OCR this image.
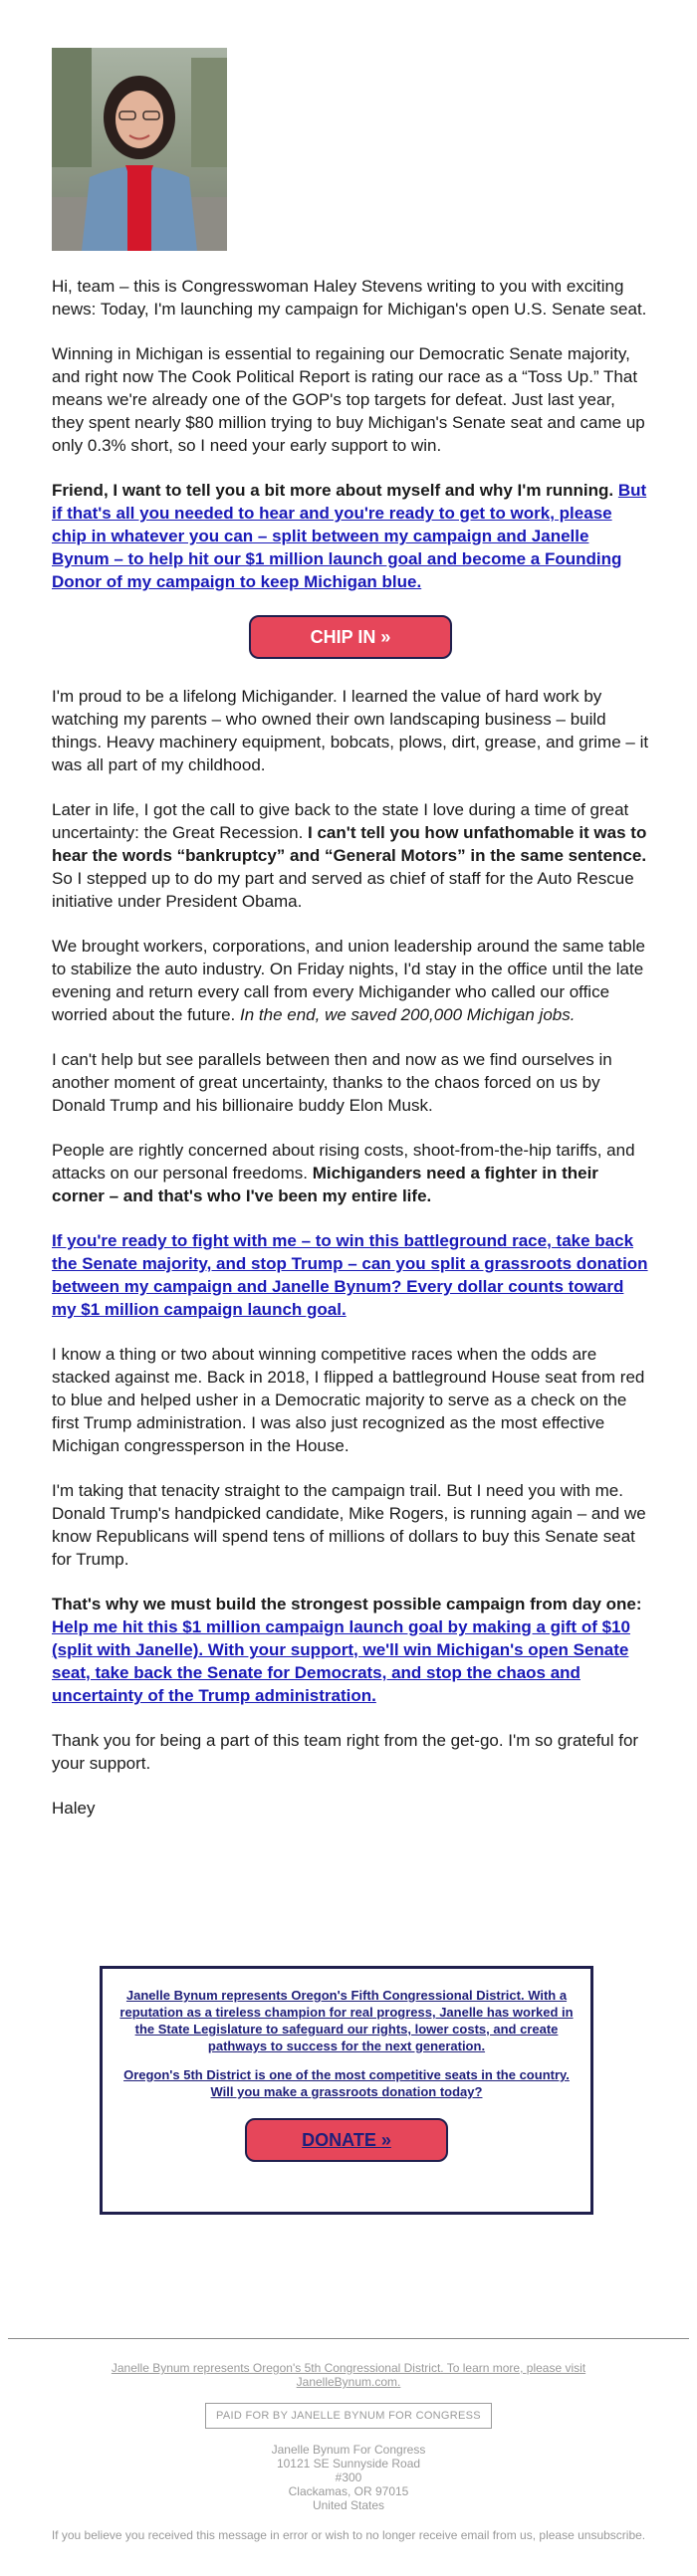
Hi, team – this is Congresswoman Haley Stevens writing to you with exciting news: Today, I'm launching my campaign for Michigan's open U.S. Senate seat.

Winning in Michigan is essential to regaining our Democratic Senate majority, and right now The Cook Political Report is rating our race as a “Toss Up.” That means we're already one of the GOP's top targets for defeat. Just last year, they spent nearly $80 million trying to buy Michigan's Senate seat and came up only 0.3% short, so I need your early support to win.

Friend, I want to tell you a bit more about myself and why I'm running. But if that's all you needed to hear and you're ready to get to work, please chip in whatever you can – split between my campaign and Janelle Bynum – to help hit our $1 million launch goal and become a Founding Donor of my campaign to keep Michigan blue.

CHIP IN »

I'm proud to be a lifelong Michigander. I learned the value of hard work by watching my parents – who owned their own landscaping business – build things. Heavy machinery equipment, bobcats, plows, dirt, grease, and grime – it was all part of my childhood.

Later in life, I got the call to give back to the state I love during a time of great uncertainty: the Great Recession. I can't tell you how unfathomable it was to hear the words “bankruptcy” and “General Motors” in the same sentence. So I stepped up to do my part and served as chief of staff for the Auto Rescue initiative under President Obama.

We brought workers, corporations, and union leadership around the same table to stabilize the auto industry. On Friday nights, I'd stay in the office until the late evening and return every call from every Michigander who called our office worried about the future. In the end, we saved 200,000 Michigan jobs.

I can't help but see parallels between then and now as we find ourselves in another moment of great uncertainty, thanks to the chaos forced on us by Donald Trump and his billionaire buddy Elon Musk.

People are rightly concerned about rising costs, shoot-from-the-hip tariffs, and attacks on our personal freedoms. Michiganders need a fighter in their corner – and that's who I've been my entire life.

If you're ready to fight with me – to win this battleground race, take back the Senate majority, and stop Trump – can you split a grassroots donation between my campaign and Janelle Bynum? Every dollar counts toward my $1 million campaign launch goal.

I know a thing or two about winning competitive races when the odds are stacked against me. Back in 2018, I flipped a battleground House seat from red to blue and helped usher in a Democratic majority to serve as a check on the first Trump administration. I was also just recognized as the most effective Michigan congressperson in the House.

I'm taking that tenacity straight to the campaign trail. But I need you with me. Donald Trump's handpicked candidate, Mike Rogers, is running again – and we know Republicans will spend tens of millions of dollars to buy this Senate seat for Trump.

That's why we must build the strongest possible campaign from day one: Help me hit this $1 million campaign launch goal by making a gift of $10 (split with Janelle). With your support, we'll win Michigan's open Senate seat, take back the Senate for Democrats, and stop the chaos and uncertainty of the Trump administration.

Thank you for being a part of this team right from the get-go. I'm so grateful for your support.

Haley

Janelle Bynum represents Oregon's Fifth Congressional District. With a reputation as a tireless champion for real progress, Janelle has worked in the State Legislature to safeguard our rights, lower costs, and create pathways to success for the next generation.

Oregon's 5th District is one of the most competitive seats in the country. Will you make a grassroots donation today?

DONATE »
Janelle Bynum represents Oregon's 5th Congressional District. To learn more, please visit JanelleBynum.com.
PAID FOR BY JANELLE BYNUM FOR CONGRESS
Janelle Bynum For Congress
10121 SE Sunnyside Road
#300
Clackamas, OR 97015
United States
If you believe you received this message in error or wish to no longer receive email from us, please unsubscribe.
